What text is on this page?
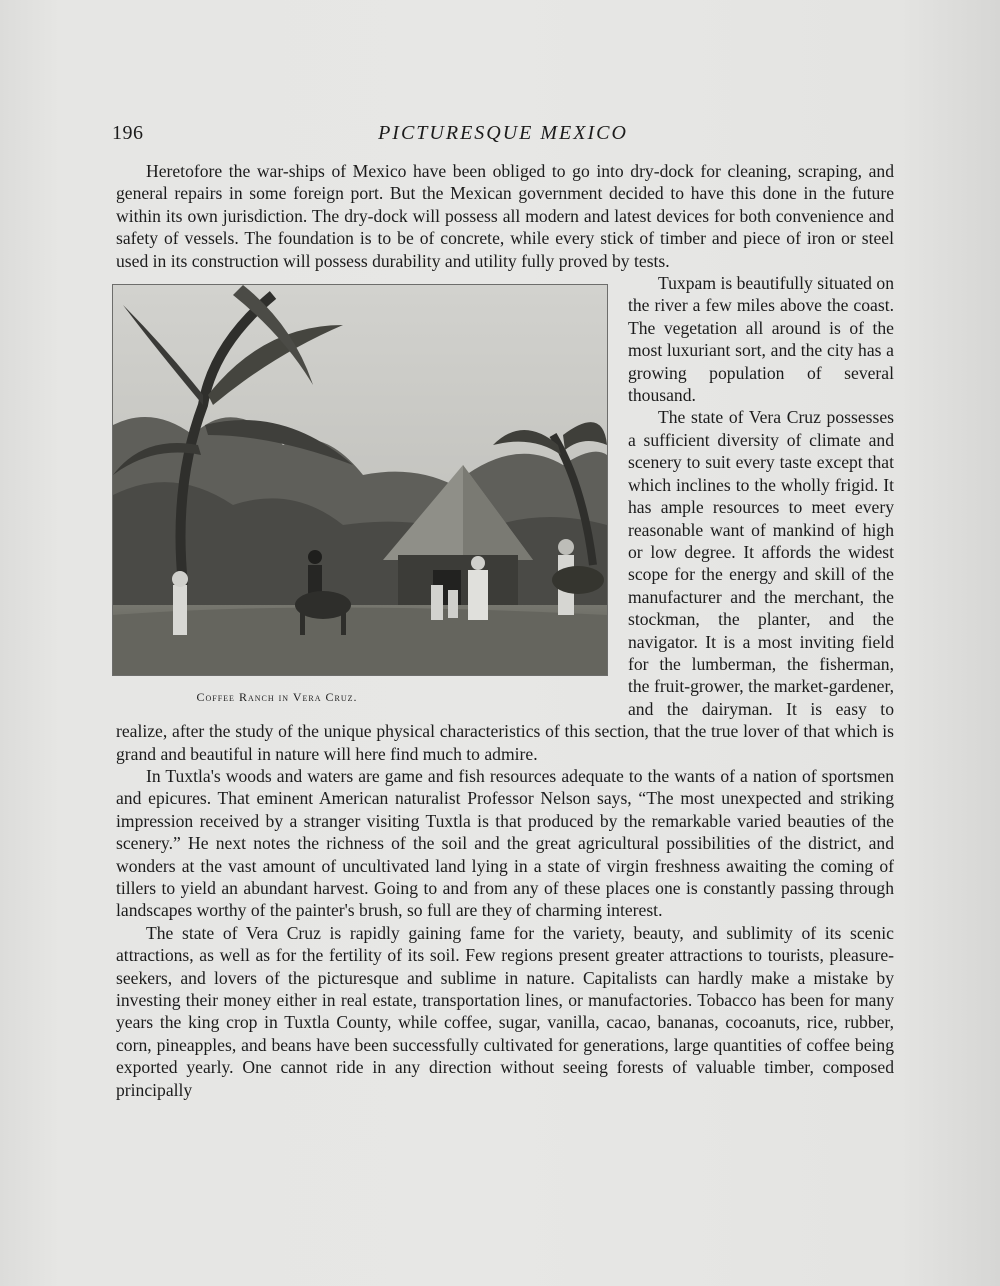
196	PICTURESQUE MEXICO

Heretofore the war-ships of Mexico have been obliged to go into dry-dock for cleaning, scraping, and general repairs in some foreign port. But the Mexican government decided to have this done in the future within its own jurisdiction. The dry-dock will possess all modern and latest devices for both convenience and safety of vessels. The foundation is to be of concrete, while every stick of timber and piece of iron or steel used in its construction will possess durability and utility fully proved by tests.

Coffee Ranch in Vera Cruz.

Tuxpam is beautifully situated on the river a few miles above the coast. The vegetation all around is of the most luxuriant sort, and the city has a growing population of several thousand.

The state of Vera Cruz possesses a sufficient diversity of climate and scenery to suit every taste except that which inclines to the wholly frigid. It has ample resources to meet every reasonable want of mankind of high or low degree. It affords the widest scope for the energy and skill of the manufacturer and the merchant, the stockman, the planter, and the navigator. It is a most inviting field for the lumberman, the fisherman, the fruit-grower, the market-gardener, and the dairyman. It is easy to realize, after the study of the unique physical characteristics of this section, that the true lover of that which is grand and beautiful in nature will here find much to admire.

In Tuxtla's woods and waters are game and fish resources adequate to the wants of a nation of sportsmen and epicures. That eminent American naturalist Professor Nelson says, “The most unexpected and striking impression received by a stranger visiting Tuxtla is that produced by the remarkable varied beauties of the scenery.” He next notes the richness of the soil and the great agricultural possibilities of the district, and wonders at the vast amount of uncultivated land lying in a state of virgin freshness awaiting the coming of tillers to yield an abundant harvest. Going to and from any of these places one is constantly passing through landscapes worthy of the painter's brush, so full are they of charming interest.

The state of Vera Cruz is rapidly gaining fame for the variety, beauty, and sublimity of its scenic attractions, as well as for the fertility of its soil. Few regions present greater attractions to tourists, pleasure-seekers, and lovers of the picturesque and sublime in nature. Capitalists can hardly make a mistake by investing their money either in real estate, transportation lines, or manufactories. Tobacco has been for many years the king crop in Tuxtla County, while coffee, sugar, vanilla, cacao, bananas, cocoanuts, rice, rubber, corn, pineapples, and beans have been successfully cultivated for generations, large quantities of coffee being exported yearly. One cannot ride in any direction without seeing forests of valuable timber, composed principally
